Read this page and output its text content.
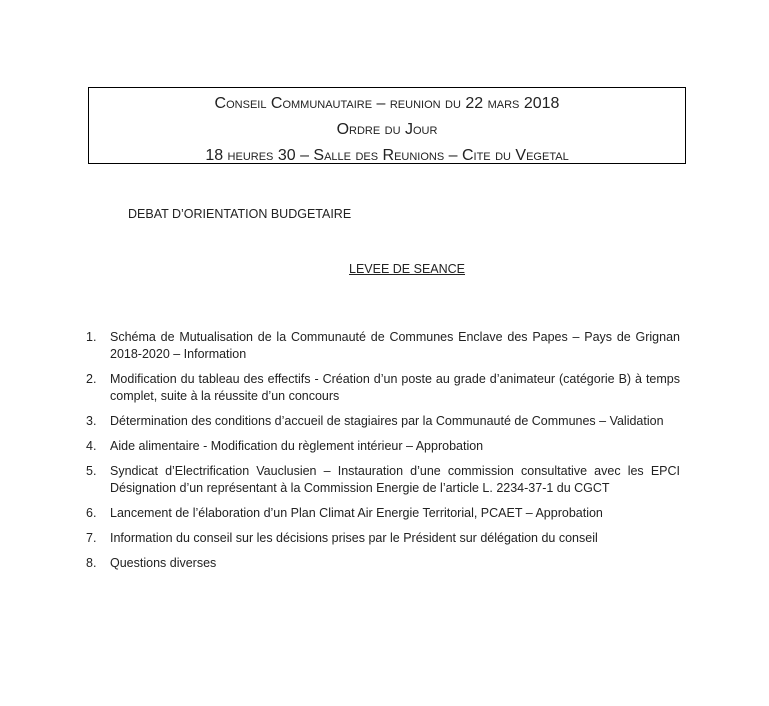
Conseil Communautaire – reunion du 22 mars 2018
Ordre du Jour
18 heures 30 – Salle des Reunions – Cite du Vegetal
DEBAT D’ORIENTATION BUDGETAIRE
LEVEE DE SEANCE
1. Schéma de Mutualisation de la Communauté de Communes Enclave des Papes – Pays de Grignan 2018-2020 – Information
2. Modification du tableau des effectifs - Création d’un poste au grade d’animateur (catégorie B) à temps complet, suite à la réussite d’un concours
3. Détermination des conditions d’accueil de stagiaires par la Communauté de Communes – Validation
4. Aide alimentaire - Modification du règlement intérieur – Approbation
5. Syndicat d’Electrification Vauclusien – Instauration d’une commission consultative avec les EPCI Désignation d’un représentant à la Commission Energie de l’article L. 2234-37-1 du CGCT
6. Lancement de l’élaboration d’un Plan Climat Air Energie Territorial, PCAET – Approbation
7. Information du conseil sur les décisions prises par le Président sur délégation du conseil
8. Questions diverses
